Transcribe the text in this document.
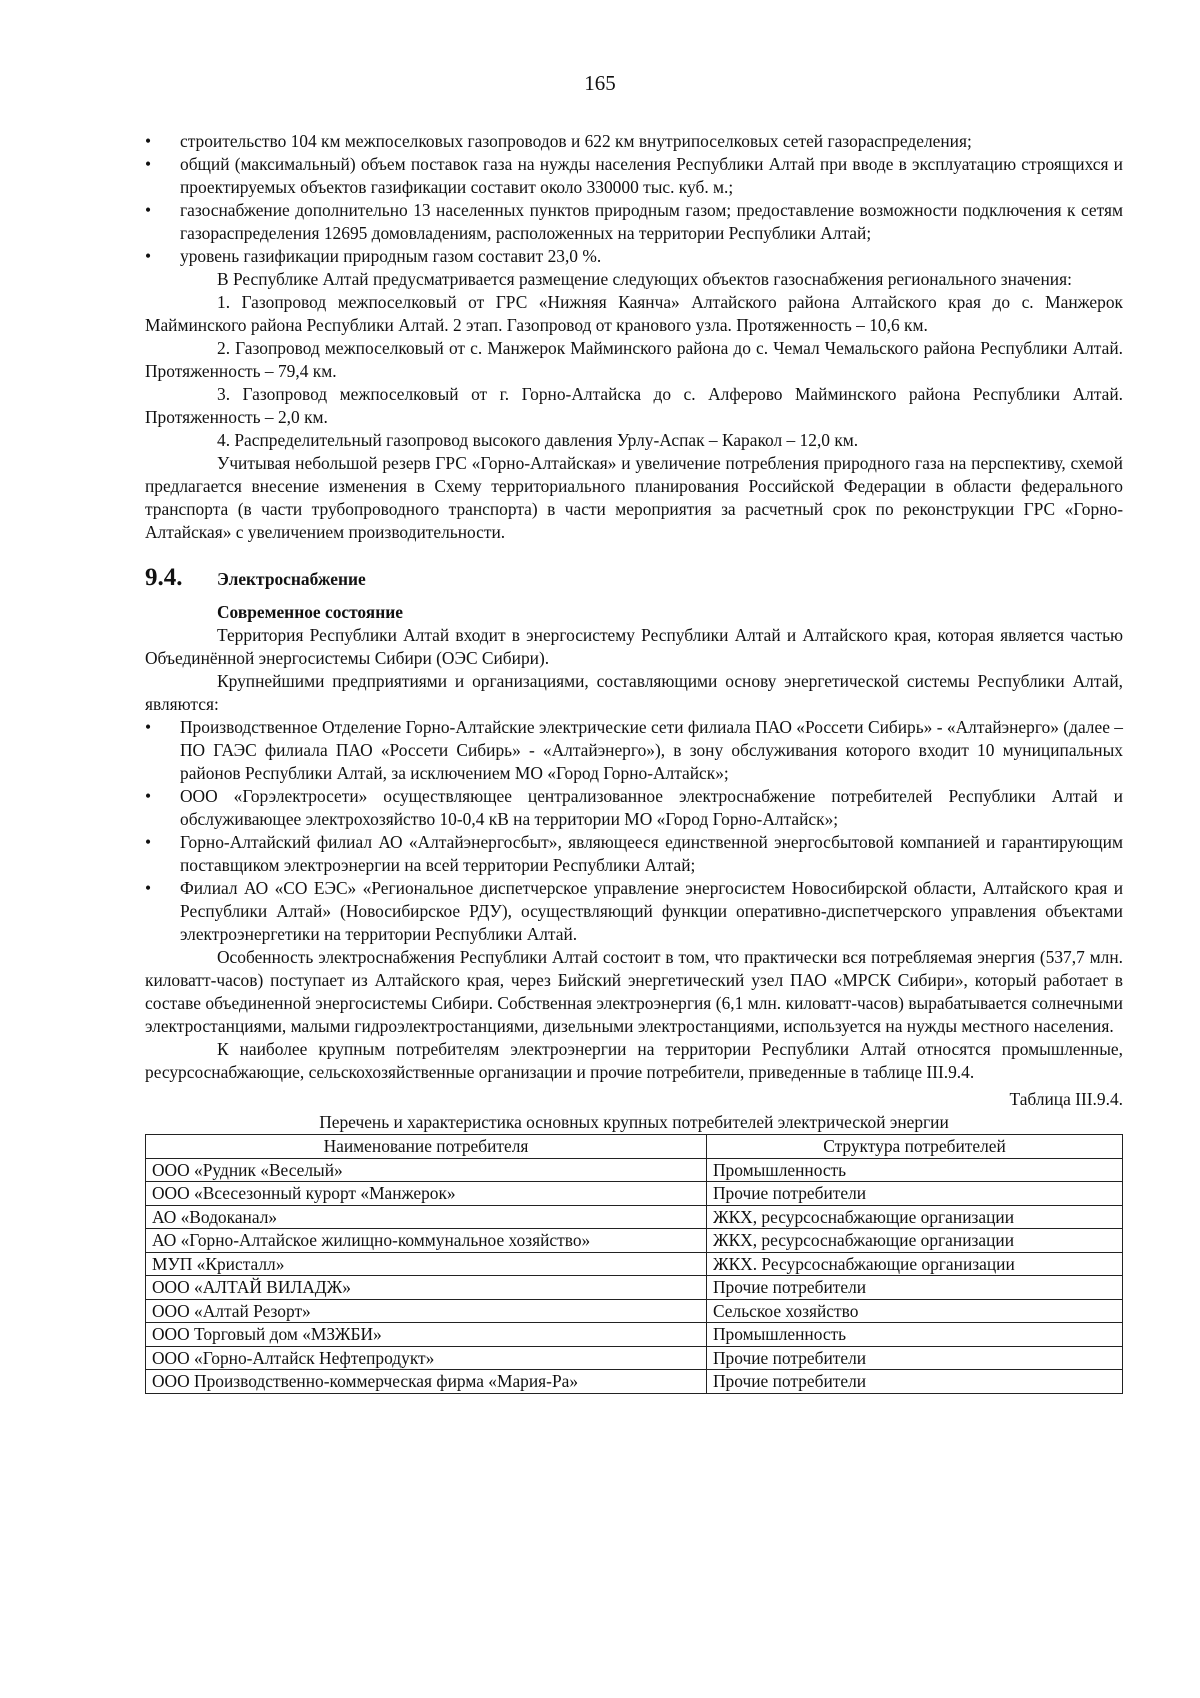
165
• строительство 104 км межпоселковых газопроводов и 622 км внутрипоселковых сетей газораспределения;
• общий (максимальный) объем поставок газа на нужды населения Республики Алтай при вводе в эксплуатацию строящихся и проектируемых объектов газификации составит около 330000 тыс. куб. м.;
• газоснабжение дополнительно 13 населенных пунктов природным газом; предоставление возможности подключения к сетям газораспределения 12695 домовладениям, расположенных на территории Республики Алтай;
• уровень газификации природным газом составит 23,0 %.

В Республике Алтай предусматривается размещение следующих объектов газоснабжения регионального значения:

1. Газопровод межпоселковый от ГРС «Нижняя Каянча» Алтайского района Алтайского края до с. Манжерок Майминского района Республики Алтай. 2 этап. Газопровод от кранового узла. Протяженность – 10,6 км.

2. Газопровод межпоселковый от с. Манжерок Майминского района до с. Чемал Чемальского района Республики Алтай. Протяженность – 79,4 км.

3. Газопровод межпоселковый от г. Горно-Алтайска до с. Алферово Майминского района Республики Алтай. Протяженность – 2,0 км.

4. Распределительный газопровод высокого давления Урлу-Аспак – Каракол – 12,0 км.

Учитывая небольшой резерв ГРС «Горно-Алтайская» и увеличение потребления природного газа на перспективу, схемой предлагается внесение изменения в Схему территориального планирования Российской Федерации в области федерального транспорта (в части трубопроводного транспорта) в части мероприятия за расчетный срок по реконструкции ГРС «Горно-Алтайская» с увеличением производительности.

9.4.	Электроснабжение
Современное состояние

Территория Республики Алтай входит в энергосистему Республики Алтай и Алтайского края, которая является частью Объединённой энергосистемы Сибири (ОЭС Сибири).

Крупнейшими предприятиями и организациями, составляющими основу энергетической системы Республики Алтай, являются:

• Производственное Отделение Горно-Алтайские электрические сети филиала ПАО «Россети Сибирь» - «Алтайэнерго» (далее – ПО ГАЭС филиала ПАО «Россети Сибирь» - «Алтайэнерго»), в зону обслуживания которого входит 10 муниципальных районов Республики Алтай, за исключением МО «Город Горно-Алтайск»;
• ООО «Горэлектросети» осуществляющее централизованное электроснабжение потребителей Республики Алтай и обслуживающее электрохозяйство 10-0,4 кВ на территории МО «Город Горно-Алтайск»;
• Горно-Алтайский филиал АО «Алтайэнергосбыт», являющееся единственной энергосбытовой компанией и гарантирующим поставщиком электроэнергии на всей территории Республики Алтай;
• Филиал АО «СО ЕЭС» «Региональное диспетчерское управление энергосистем Новосибирской области, Алтайского края и Республики Алтай» (Новосибирское РДУ), осуществляющий функции оперативно-диспетчерского управления объектами электроэнергетики на территории Республики Алтай.

Особенность электроснабжения Республики Алтай состоит в том, что практически вся потребляемая энергия (537,7 млн. киловатт-часов) поступает из Алтайского края, через Бийский энергетический узел ПАО «МРСК Сибири», который работает в составе объединенной энергосистемы Сибири. Собственная электроэнергия (6,1 млн. киловатт-часов) вырабатывается солнечными электростанциями, малыми гидроэлектростанциями, дизельными электростанциями, используется на нужды местного населения.

К наиболее крупным потребителям электроэнергии на территории Республики Алтай относятся промышленные, ресурсоснабжающие, сельскохозяйственные организации и прочие потребители, приведенные в таблице III.9.4.

Таблица III.9.4.
Перечень и характеристика основных крупных потребителей электрической энергии
Наименование потребителя	Структура потребителей
ООО «Рудник «Веселый»	Промышленность
ООО «Всесезонный курорт «Манжерок»	Прочие потребители
АО «Водоканал»	ЖКХ, ресурсоснабжающие организации
АО «Горно-Алтайское жилищно-коммунальное хозяйство»	ЖКХ, ресурсоснабжающие организации
МУП «Кристалл»	ЖКХ. Ресурсоснабжающие организации
ООО «АЛТАЙ ВИЛАДЖ»	Прочие потребители
ООО «Алтай Резорт»	Сельское хозяйство
ООО Торговый дом «МЗЖБИ»	Промышленность
ООО «Горно-Алтайск Нефтепродукт»	Прочие потребители
ООО Производственно-коммерческая фирма «Мария-Ра»	Прочие потребители
